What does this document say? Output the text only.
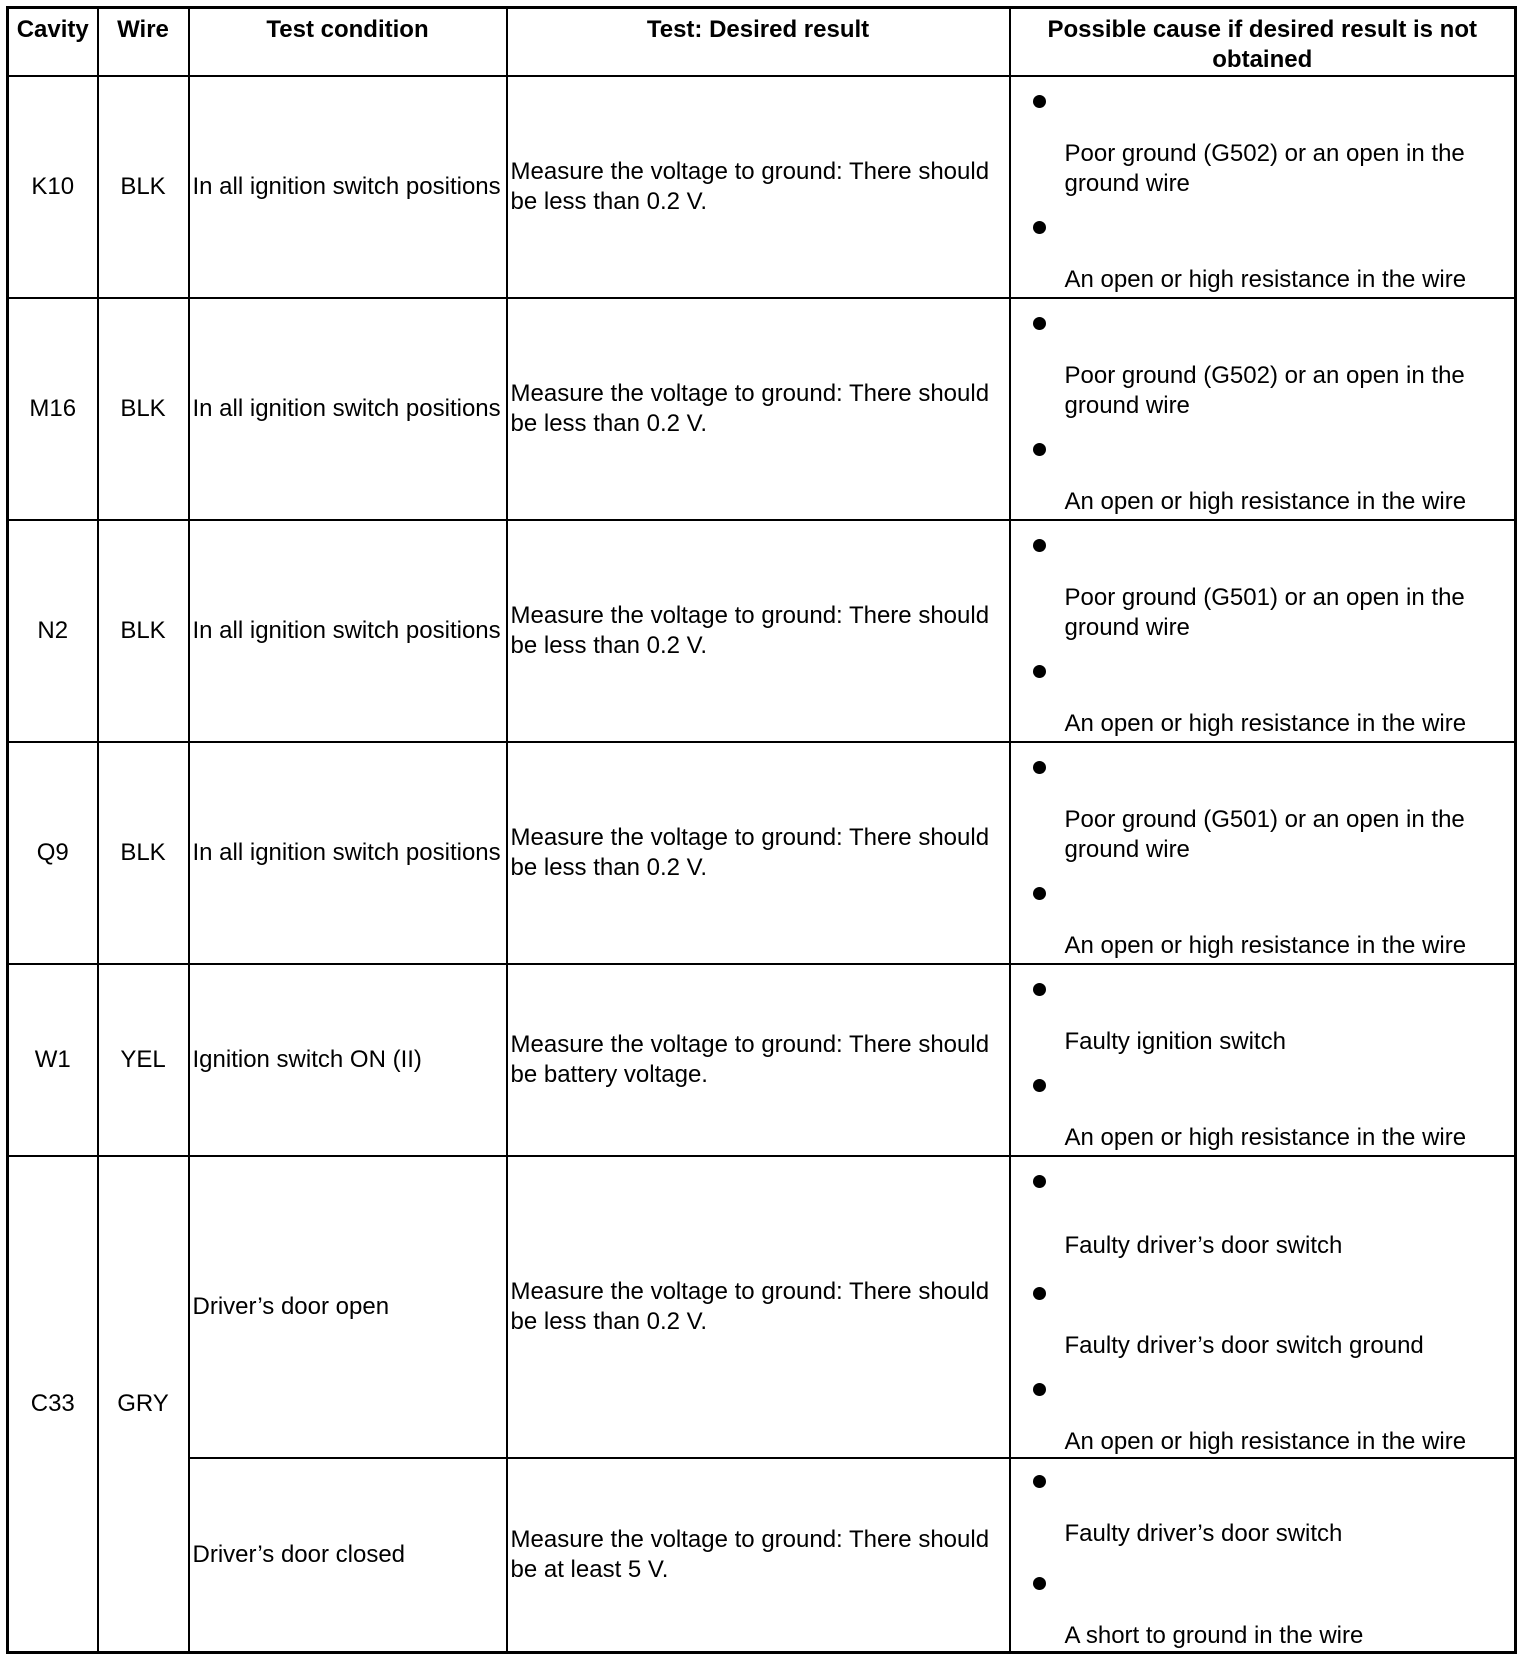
Cavity	Wire	Test condition	Test: Desired result	Possible cause if desired result is not obtained
K10	BLK	In all ignition switch positions	Measure the voltage to ground: There should be less than 0.2 V.	Poor ground (G502) or an open in the ground wire
An open or high resistance in the wire

M16	BLK	In all ignition switch positions	Measure the voltage to ground: There should be less than 0.2 V.	Poor ground (G502) or an open in the ground wire
An open or high resistance in the wire

N2	BLK	In all ignition switch positions	Measure the voltage to ground: There should be less than 0.2 V.	Poor ground (G501) or an open in the ground wire
An open or high resistance in the wire

Q9	BLK	In all ignition switch positions	Measure the voltage to ground: There should be less than 0.2 V.	Poor ground (G501) or an open in the ground wire
An open or high resistance in the wire

W1	YEL	Ignition switch ON (II)	Measure the voltage to ground: There should be battery voltage.	Faulty ignition switch
An open or high resistance in the wire

C33	GRY	Driver’s door open	Measure the voltage to ground: There should be less than 0.2 V.	Faulty driver’s door switch
Faulty driver’s door switch ground
An open or high resistance in the wire

		Driver’s door closed	Measure the voltage to ground: There should be at least 5 V.	Faulty driver’s door switch
A short to ground in the wire
